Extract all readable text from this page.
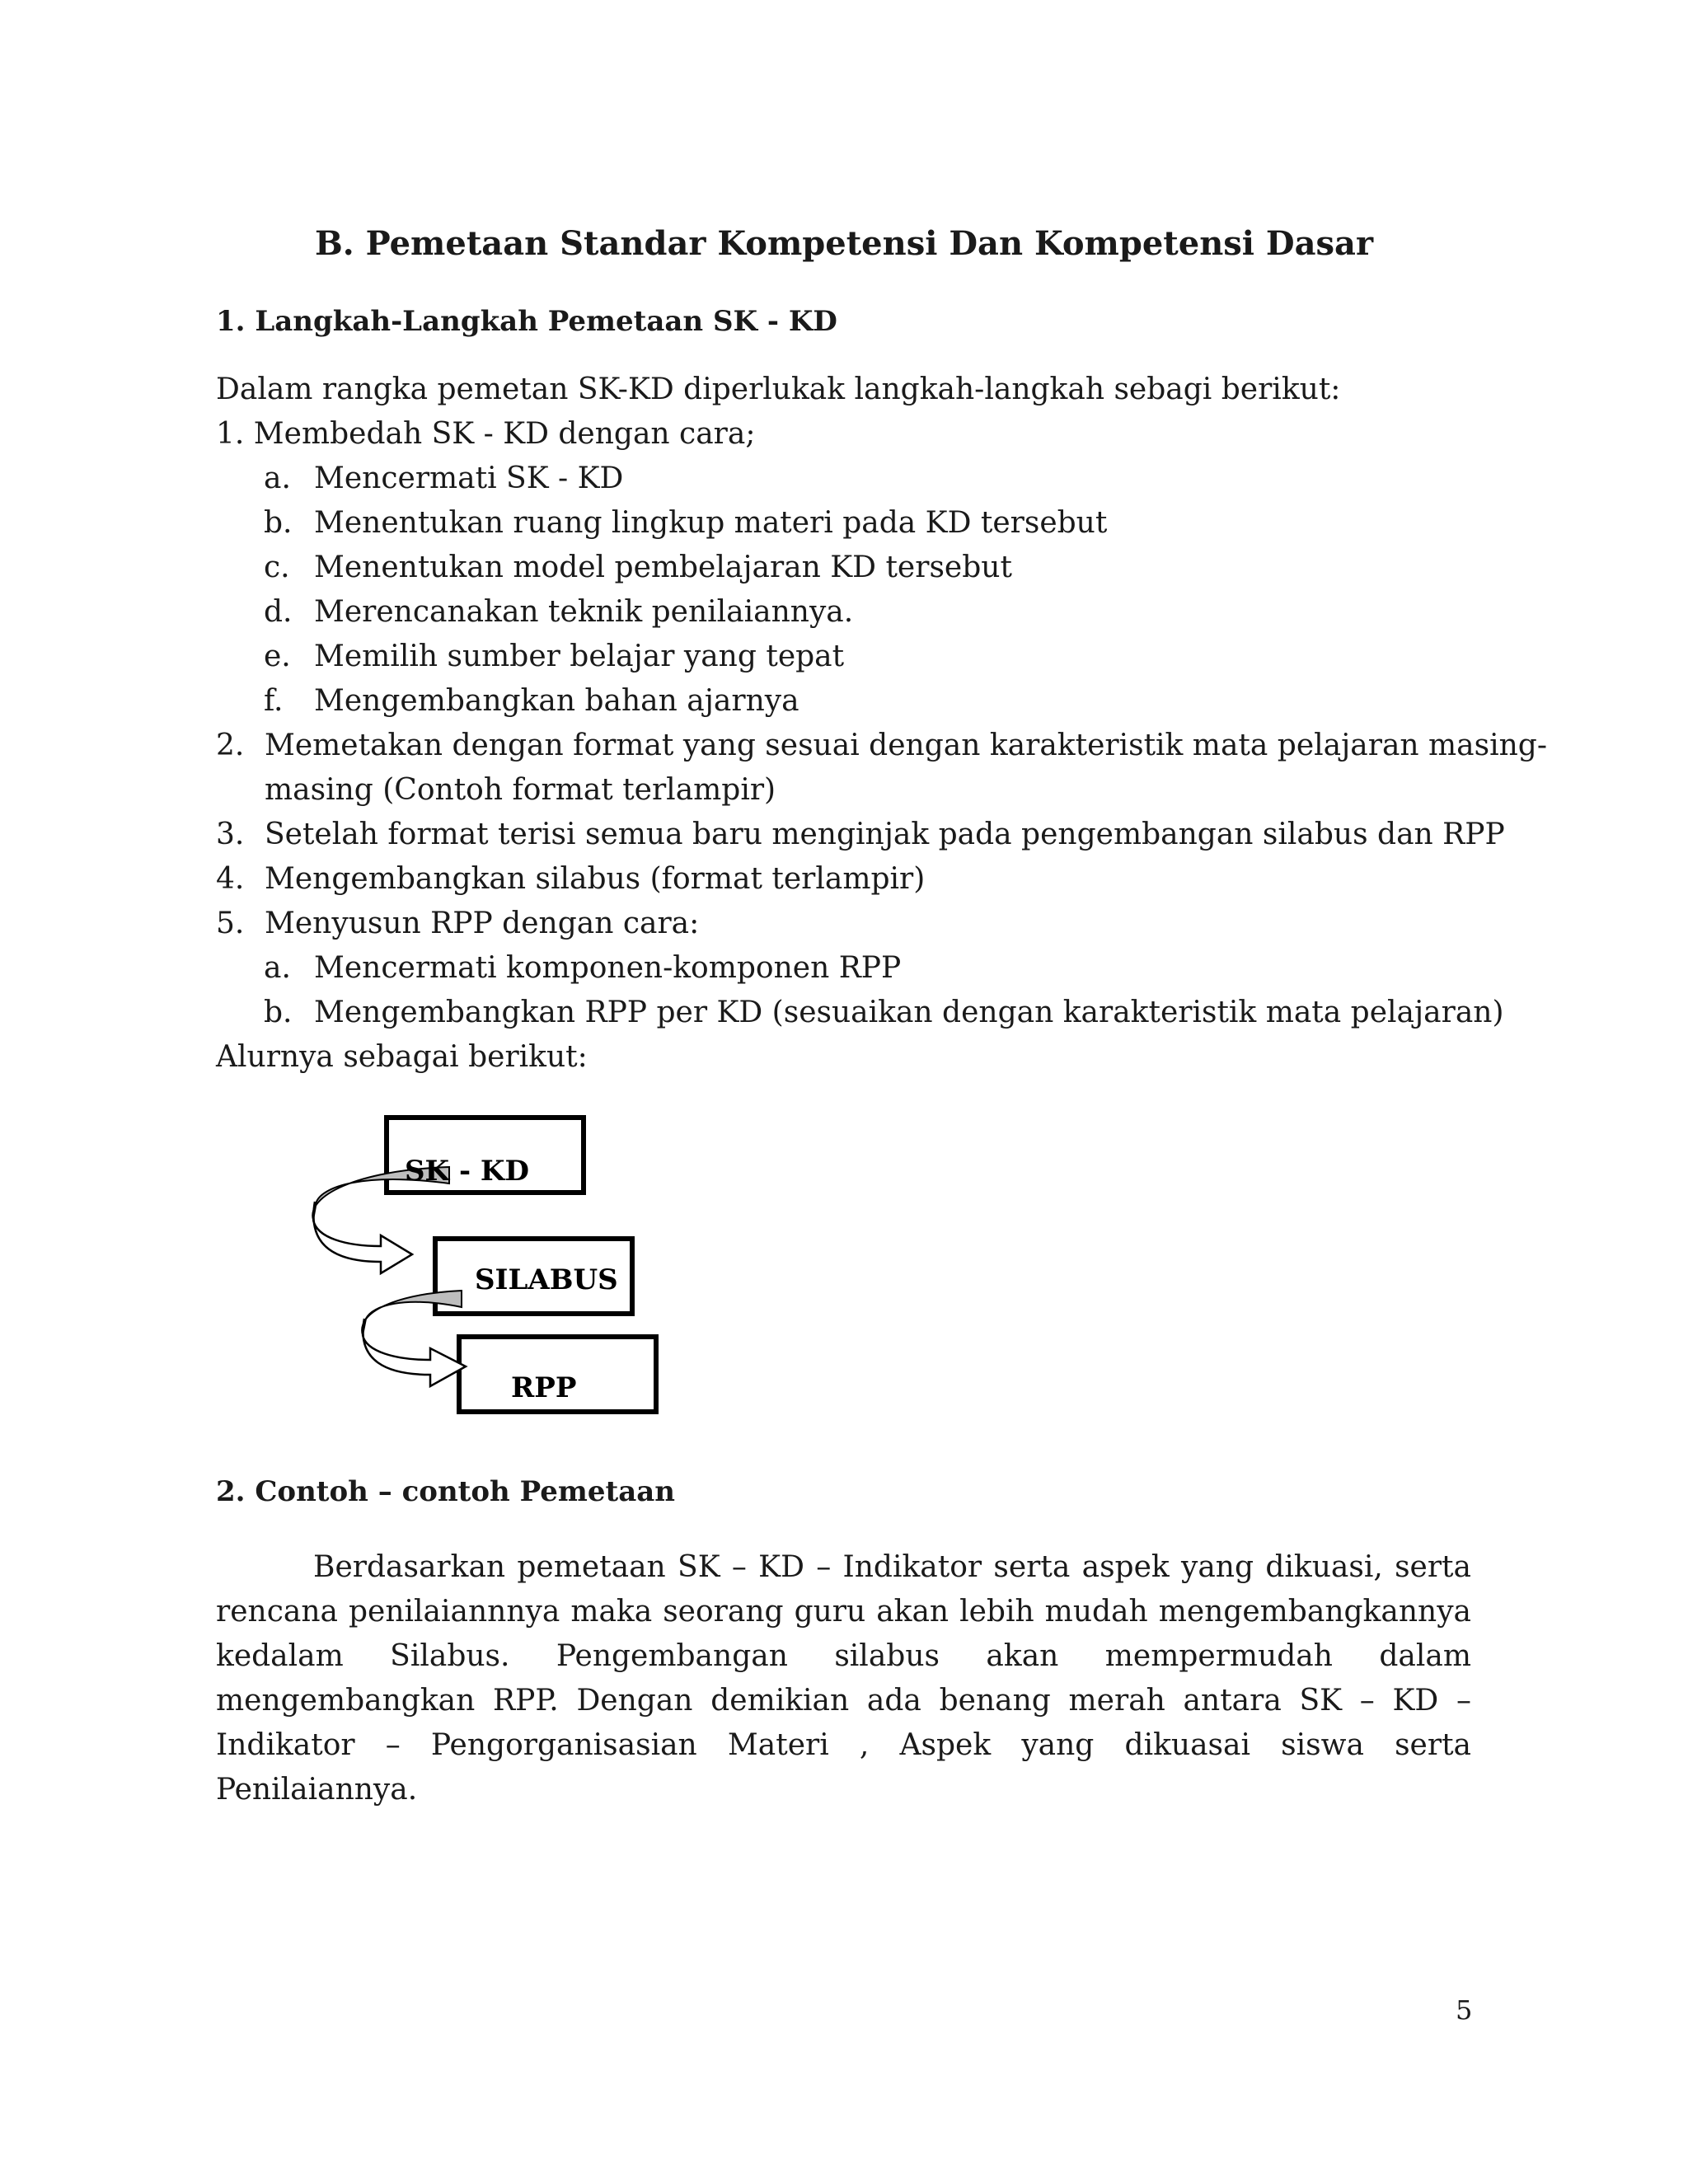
B. Pemetaan Standar Kompetensi Dan Kompetensi Dasar
1. Langkah-Langkah Pemetaan SK - KD
Dalam rangka pemetan SK-KD diperlukak langkah-langkah sebagi berikut:
1. Membedah SK - KD dengan cara;
a. Mencermati SK - KD
b. Menentukan ruang lingkup materi pada KD tersebut
c. Menentukan model pembelajaran KD tersebut
d. Merencanakan teknik penilaiannya.
e. Memilih sumber belajar yang tepat
f. Mengembangkan bahan ajarnya
2. Memetakan dengan format yang sesuai dengan karakteristik mata pelajaran masing-
masing (Contoh format terlampir)
3. Setelah format terisi semua baru menginjak pada pengembangan silabus dan RPP
4. Mengembangkan silabus (format terlampir)
5. Menyusun RPP dengan cara:
a. Mencermati komponen-komponen RPP
b. Mengembangkan RPP per KD (sesuaikan dengan karakteristik mata pelajaran)
Alurnya sebagai berikut:
SK - KD
SILABUS
RPP
2. Contoh – contoh Pemetaan
Berdasarkan pemetaan SK – KD – Indikator serta aspek yang dikuasi, serta rencana penilaiannnya maka seorang guru akan lebih mudah mengembangkannya kedalam Silabus. Pengembangan silabus akan mempermudah dalam mengembangkan RPP. Dengan demikian ada benang merah antara SK – KD – Indikator – Pengorganisasian Materi , Aspek yang dikuasai siswa serta Penilaiannya.
5
